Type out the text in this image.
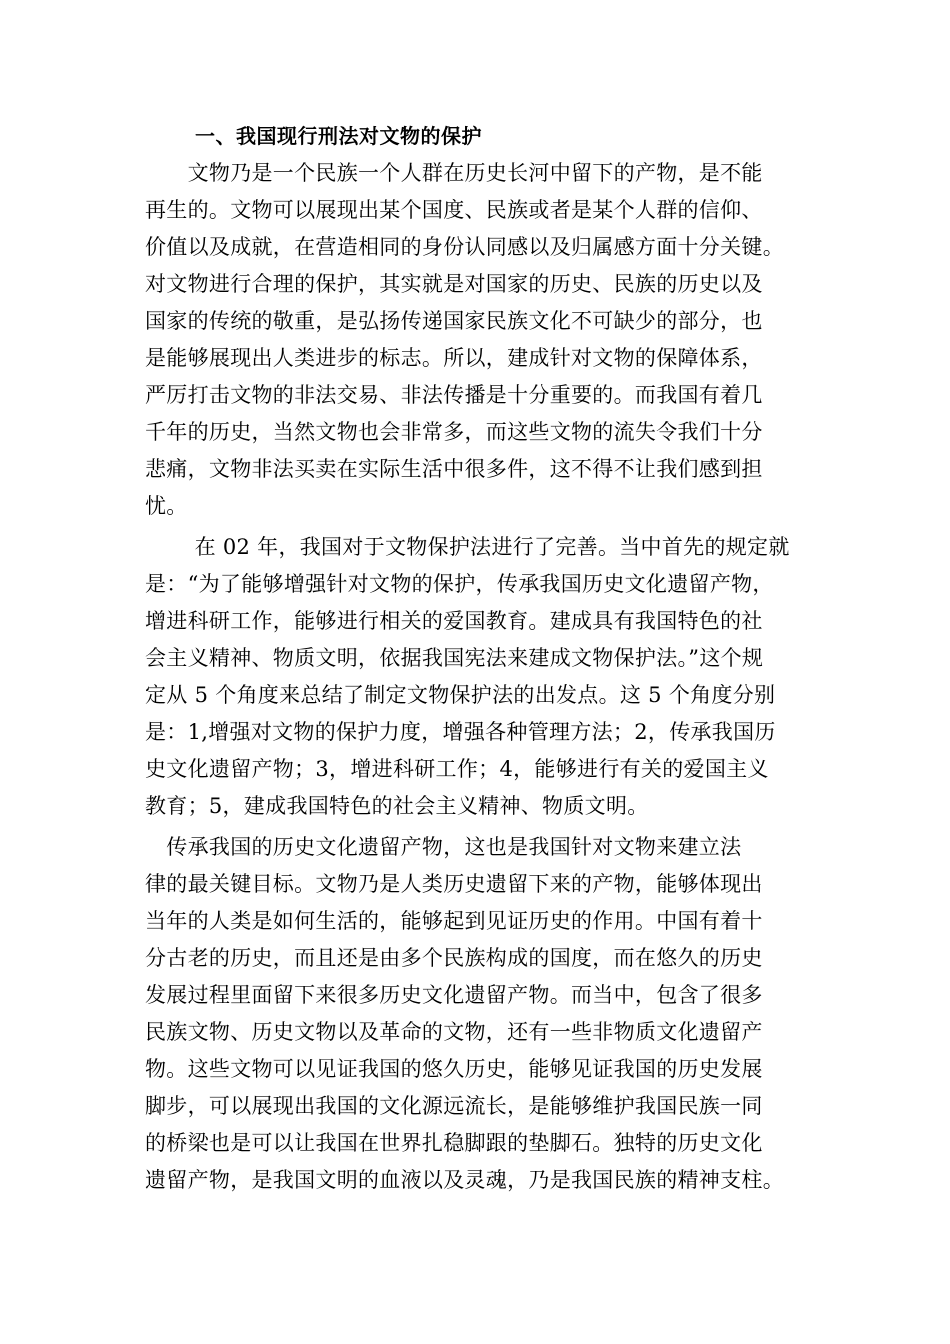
一、我国现行刑法对文物的保护
　　文物乃是一个民族一个人群在历史长河中留下的产物，是不能
再生的。文物可以展现出某个国度、民族或者是某个人群的信仰、
价值以及成就，在营造相同的身份认同感以及归属感方面十分关键。
对文物进行合理的保护，其实就是对国家的历史、民族的历史以及
国家的传统的敬重，是弘扬传递国家民族文化不可缺少的部分，也
是能够展现出人类进步的标志。所以，建成针对文物的保障体系，
严厉打击文物的非法交易、非法传播是十分重要的。而我国有着几
千年的历史，当然文物也会非常多，而这些文物的流失令我们十分
悲痛，文物非法买卖在实际生活中很多件，这不得不让我们感到担
忧。
　　 在 02 年，我国对于文物保护法进行了完善。当中首先的规定就
是：“为了能够增强针对文物的保护，传承我国历史文化遗留产物，
增进科研工作，能够进行相关的爱国教育。建成具有我国特色的社
会主义精神、物质文明，依据我国宪法来建成文物保护法。”这个规
定从 5 个角度来总结了制定文物保护法的出发点。这 5 个角度分别
是：1,增强对文物的保护力度，增强各种管理方法；2，传承我国历
史文化遗留产物；3，增进科研工作；4，能够进行有关的爱国主义
教育；5，建成我国特色的社会主义精神、物质文明。
　传承我国的历史文化遗留产物，这也是我国针对文物来建立法
律的最关键目标。文物乃是人类历史遗留下来的产物，能够体现出
当年的人类是如何生活的，能够起到见证历史的作用。中国有着十
分古老的历史，而且还是由多个民族构成的国度，而在悠久的历史
发展过程里面留下来很多历史文化遗留产物。而当中，包含了很多
民族文物、历史文物以及革命的文物，还有一些非物质文化遗留产
物。这些文物可以见证我国的悠久历史，能够见证我国的历史发展
脚步，可以展现出我国的文化源远流长，是能够维护我国民族一同
的桥梁也是可以让我国在世界扎稳脚跟的垫脚石。独特的历史文化
遗留产物，是我国文明的血液以及灵魂，乃是我国民族的精神支柱。
